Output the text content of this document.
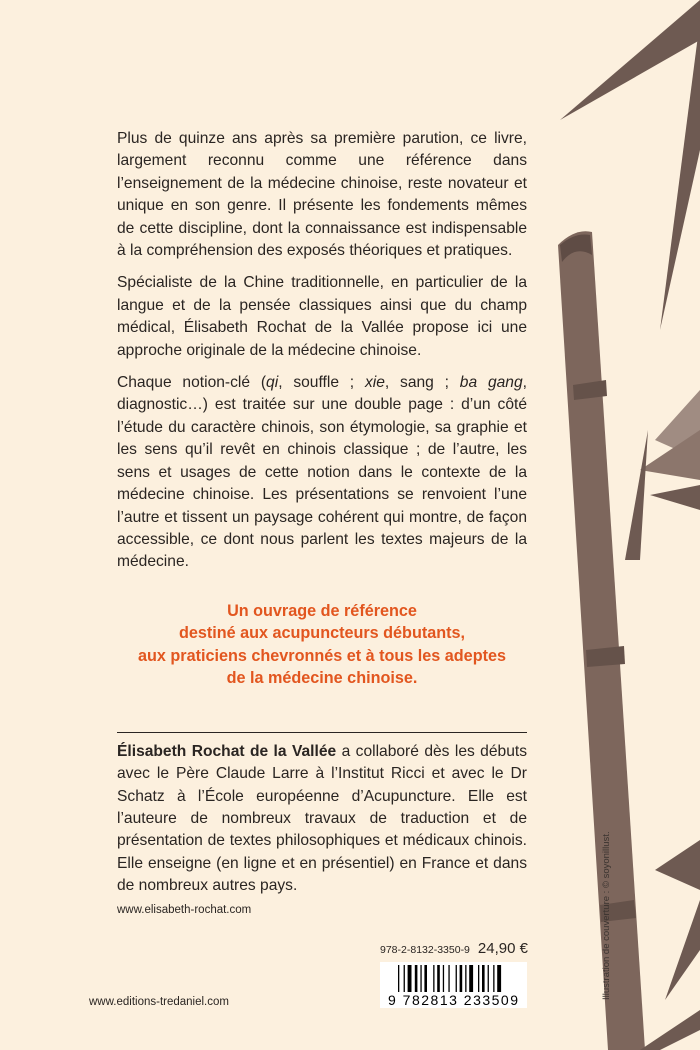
Plus de quinze ans après sa première parution, ce livre, largement reconnu comme une référence dans l’enseignement de la médecine chinoise, reste novateur et unique en son genre. Il présente les fondements mêmes de cette discipline, dont la connaissance est indispensable à la compréhension des exposés théoriques et pratiques.

Spécialiste de la Chine traditionnelle, en particulier de la langue et de la pensée classiques ainsi que du champ médical, Élisabeth Rochat de la Vallée propose ici une approche originale de la médecine chinoise.

Chaque notion-clé (qi, souffle ; xie, sang ; ba gang, diagnostic…) est traitée sur une double page : d’un côté l’étude du caractère chinois, son étymologie, sa graphie et les sens qu’il revêt en chinois classique ; de l’autre, les sens et usages de cette notion dans le contexte de la médecine chinoise. Les présentations se renvoient l’une l’autre et tissent un paysage cohérent qui montre, de façon accessible, ce dont nous parlent les textes majeurs de la médecine.

Un ouvrage de référence
destiné aux acupuncteurs débutants,
aux praticiens chevronnés et à tous les adeptes
de la médecine chinoise.

Élisabeth Rochat de la Vallée a collaboré dès les débuts avec le Père Claude Larre à l’Institut Ricci et avec le Dr Schatz à l’École européenne d’Acupuncture. Elle est l’auteure de nombreux travaux de traduction et de présentation de textes philosophiques et médicaux chinois. Elle enseigne (en ligne et en présentiel) en France et dans de nombreux autres pays.

www.elisabeth-rochat.com
www.editions-tredaniel.com
978-2-8132-3350-9 24,90 €
9 782813 233509	Illustration de couverture : © soyonillust.
